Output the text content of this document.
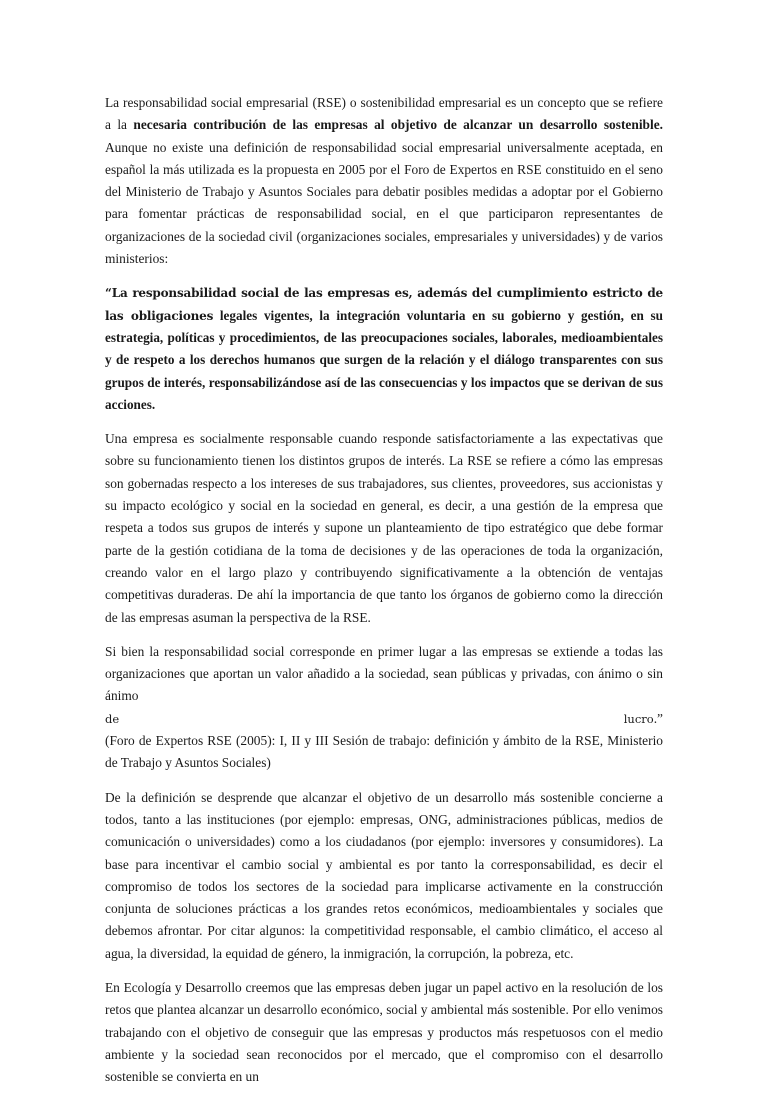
La responsabilidad social empresarial (RSE) o sostenibilidad empresarial es un concepto que se refiere a la necesaria contribución de las empresas al objetivo de alcanzar un desarrollo sostenible. Aunque no existe una definición de responsabilidad social empresarial universalmente aceptada, en español la más utilizada es la propuesta en 2005 por el Foro de Expertos en RSE constituido en el seno del Ministerio de Trabajo y Asuntos Sociales para debatir posibles medidas a adoptar por el Gobierno para fomentar prácticas de responsabilidad social, en el que participaron representantes de organizaciones de la sociedad civil (organizaciones sociales, empresariales y universidades) y de varios ministerios:

“La responsabilidad social de las empresas es, además del cumplimiento estricto de las obligaciones legales vigentes, la integración voluntaria en su gobierno y gestión, en su estrategia, políticas y procedimientos, de las preocupaciones sociales, laborales, medioambientales y de respeto a los derechos humanos que surgen de la relación y el diálogo transparentes con sus grupos de interés, responsabilizándose así de las consecuencias y los impactos que se derivan de sus acciones.

Una empresa es socialmente responsable cuando responde satisfactoriamente a las expectativas que sobre su funcionamiento tienen los distintos grupos de interés. La RSE se refiere a cómo las empresas son gobernadas respecto a los intereses de sus trabajadores, sus clientes, proveedores, sus accionistas y su impacto ecológico y social en la sociedad en general, es decir, a una gestión de la empresa que respeta a todos sus grupos de interés y supone un planteamiento de tipo estratégico que debe formar parte de la gestión cotidiana de la toma de decisiones y de las operaciones de toda la organización, creando valor en el largo plazo y contribuyendo significativamente a la obtención de ventajas competitivas duraderas. De ahí la importancia de que tanto los órganos de gobierno como la dirección de las empresas asuman la perspectiva de la RSE.

Si bien la responsabilidad social corresponde en primer lugar a las empresas se extiende a todas las organizaciones que aportan un valor añadido a la sociedad, sean públicas y privadas, con ánimo o sin ánimo

de	lucro.”

(Foro de Expertos RSE (2005): I, II y III Sesión de trabajo: definición y ámbito de la RSE, Ministerio de Trabajo y Asuntos Sociales)

De la definición se desprende que alcanzar el objetivo de un desarrollo más sostenible concierne a todos, tanto a las instituciones (por ejemplo: empresas, ONG, administraciones públicas, medios de comunicación o universidades) como a los ciudadanos (por ejemplo: inversores y consumidores). La base para incentivar el cambio social y ambiental es por tanto la corresponsabilidad, es decir el compromiso de todos los sectores de la sociedad para implicarse activamente en la construcción conjunta de soluciones prácticas a los grandes retos económicos, medioambientales y sociales que debemos afrontar. Por citar algunos: la competitividad responsable, el cambio climático, el acceso al agua, la diversidad, la equidad de género, la inmigración, la corrupción, la pobreza, etc.

En Ecología y Desarrollo creemos que las empresas deben jugar un papel activo en la resolución de los retos que plantea alcanzar un desarrollo económico, social y ambiental más sostenible. Por ello venimos trabajando con el objetivo de conseguir que las empresas y productos más respetuosos con el medio ambiente y la sociedad sean reconocidos por el mercado, que el compromiso con el desarrollo sostenible se convierta en un
